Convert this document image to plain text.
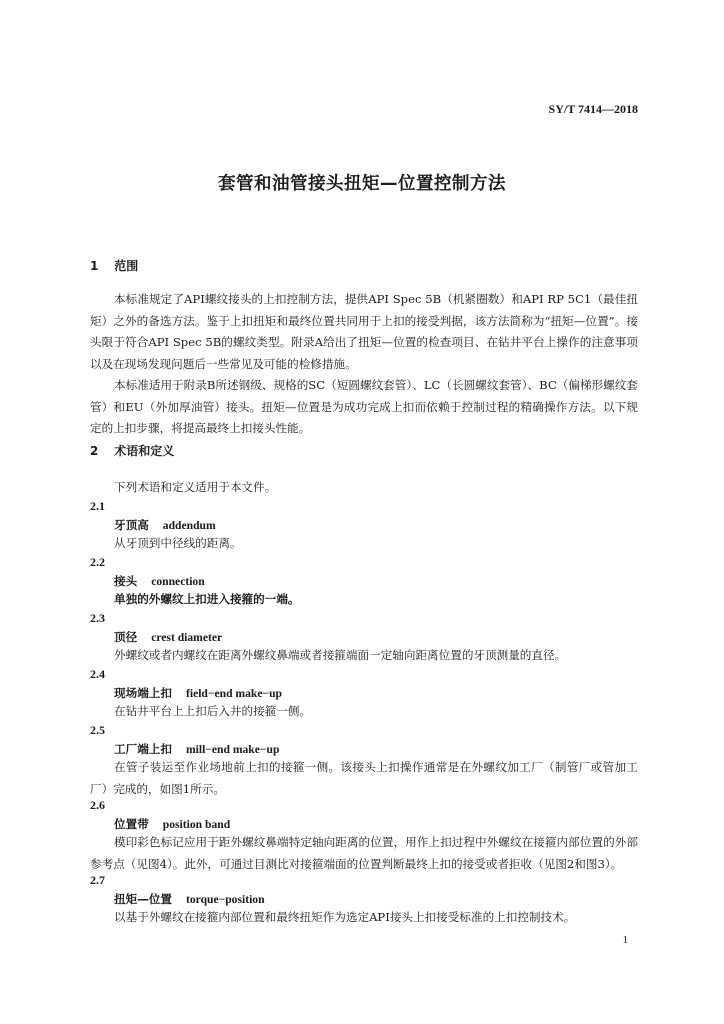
SY/T 7414—2018
套管和油管接头扭矩—位置控制方法
1 范围
本标准规定了API螺纹接头的上扣控制方法，提供API Spec 5B（机紧圈数）和API RP 5C1（最佳扭矩）之外的备选方法。鉴于上扣扭矩和最终位置共同用于上扣的接受判据，该方法简称为“扭矩—位置”。接头限于符合API Spec 5B的螺纹类型。附录A给出了扭矩—位置的检查项目、在钻井平台上操作的注意事项以及在现场发现问题后一些常见及可能的检修措施。
本标准适用于附录B所述钢级、规格的SC（短圆螺纹套管）、LC（长圆螺纹套管）、BC（偏梯形螺纹套管）和EU（外加厚油管）接头。扭矩—位置是为成功完成上扣而依赖于控制过程的精确操作方法。以下规定的上扣步骤，将提高最终上扣接头性能。
2 术语和定义
下列术语和定义适用于本文件。
2.1
牙顶高 addendum
从牙顶到中径线的距离。
2.2
接头 connection
单独的外螺纹上扣进入接箍的一端。
2.3
顶径 crest diameter
外螺纹或者内螺纹在距离外螺纹鼻端或者接箍端面一定轴向距离位置的牙顶测量的直径。
2.4
现场端上扣 field−end make−up
在钻井平台上上扣后入井的接箍一侧。
2.5
工厂端上扣 mill−end make−up
在管子装运至作业场地前上扣的接箍一侧。该接头上扣操作通常是在外螺纹加工厂（制管厂或管加工厂）完成的，如图1所示。
2.6
位置带 position band
模印彩色标记应用于距外螺纹鼻端特定轴向距离的位置，用作上扣过程中外螺纹在接箍内部位置的外部参考点（见图4）。此外，可通过目测比对接箍端面的位置判断最终上扣的接受或者拒收（见图2和图3）。
2.7
扭矩—位置 torque−position
以基于外螺纹在接箍内部位置和最终扭矩作为选定API接头上扣接受标准的上扣控制技术。
1
